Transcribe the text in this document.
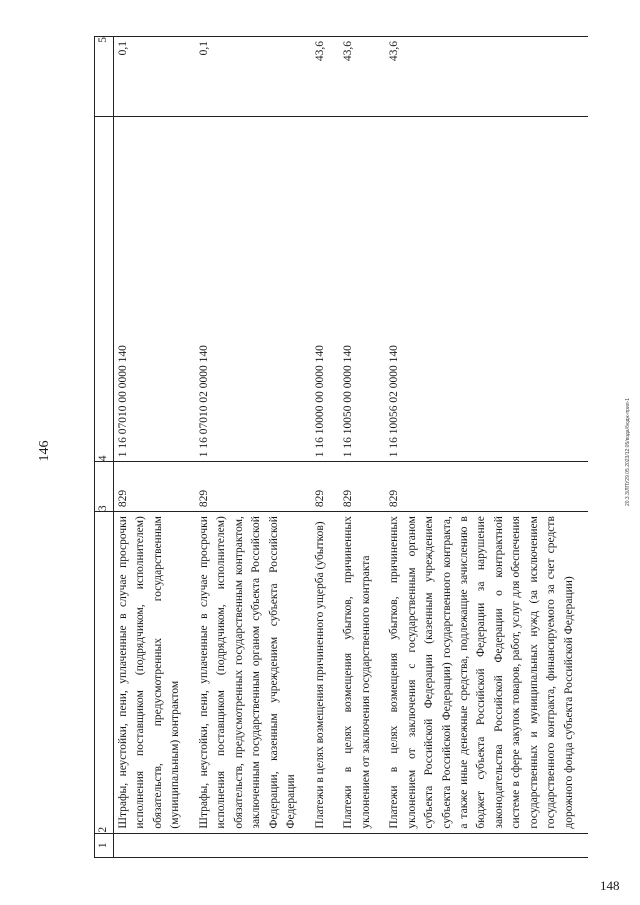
146
148
20.3.3/ЛПУ29.05.2023/12:05/вода/бюдж-прил-1
1	2	3	4	5
	Штрафы, неустойки, пени, уплаченные в случае просрочки исполнения поставщиком (подрядчиком, исполнителем) обязательств, предусмотренных государственным (муниципальным) контрактом	829	1 16 07010 00 0000 140	0,1
	Штрафы, неустойки, пени, уплаченные в случае просрочки исполнения поставщиком (подрядчиком, исполнителем) обязательств, предусмотренных государственным контрактом, заключенным государственным органом субъекта Российской Федерации, казенным учреждением субъекта Российской Федерации	829	1 16 07010 02 0000 140	0,1
	Платежи в целях возмещения причиненного ущерба (убытков)	829	1 16 10000 00 0000 140	43,6
	Платежи в целях возмещения убытков, причиненных уклонением от заключения государственного контракта	829	1 16 10050 00 0000 140	43,6
	Платежи в целях возмещения убытков, причиненных уклонением от заключения с государственным органом субъекта Российской Федерации (казенным учреждением субъекта Российской Федерации) государственного контракта, а также иные денежные средства, подлежащие зачислению в бюджет субъекта Российской Федерации за нарушение законодательства Российской Федерации о контрактной системе в сфере закупок товаров, работ, услуг для обеспечения государственных и муниципальных нужд (за исключением государственного контракта, финансируемого за счет средств дорожного фонда субъекта Российской Федерации)	829	1 16 10056 02 0000 140	43,6
